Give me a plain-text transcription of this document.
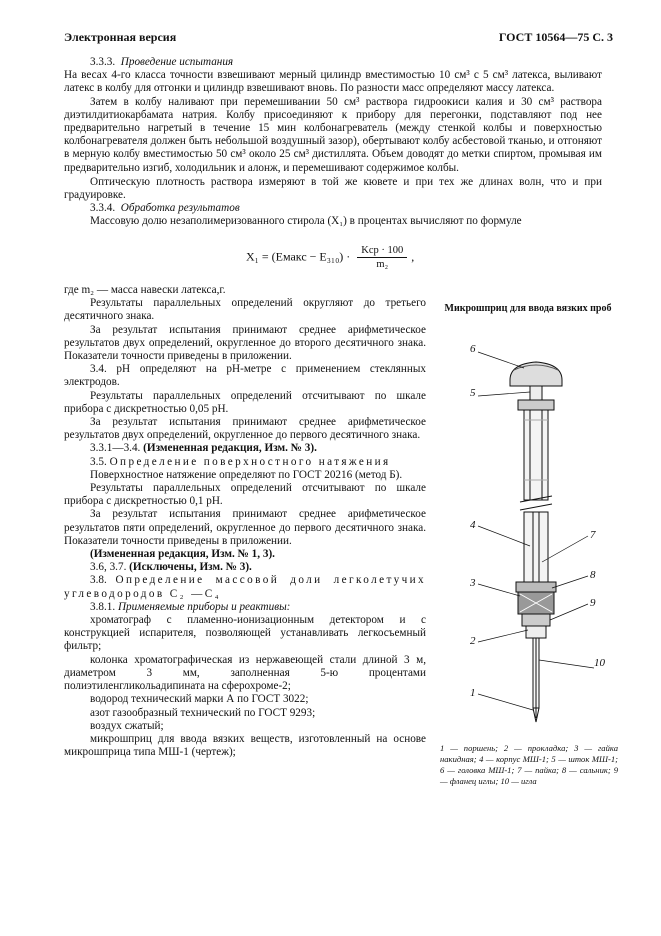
Электронная версия	ГОСТ 10564—75 С. 3

3.3.3. Проведение испытания

На весах 4-го класса точности взвешивают мерный цилиндр вместимостью 10 см³ с 5 см³ латекса, выливают латекс в колбу для отгонки и цилиндр взвешивают вновь. По разности масс определяют массу латекса.

Затем в колбу наливают при перемешивании 50 см³ раствора гидроокиси калия и 30 см³ раствора диэтилдитиокарбамата натрия. Колбу присоединяют к прибору для перегонки, подставляют под нее предварительно нагретый в течение 15 мин колбонагреватель (между стенкой колбы и поверхностью колбонагревателя должен быть небольшой воздушный зазор), обертывают колбу асбестовой тканью, и отгоняют в мерную колбу вместимостью 50 см³ около 25 см³ дистиллята. Объем доводят до метки спиртом, промывая им предварительно изгиб, холодильник и алонж, и перемешивают содержимое колбы.

Оптическую плотность раствора измеряют в той же кювете и при тех же длинах волн, что и при градуировке.

3.3.4. Обработка результатов

Массовую долю незаполимеризованного стирола (X₁) в процентах вычисляют по формуле

X₁ = (Eмакс − $E_{310}) \cdot \frac{\text{Kср · 100}}{\text{m₂}}$ ,

где m₂ — масса навески латекса,г.

Результаты параллельных определений округляют до третьего десятичного знака.

За результат испытания принимают среднее арифметическое результатов двух определений, округленное до второго десятичного знака. Показатели точности приведены в приложении.

3.4. pH определяют на pH-метре с применением стеклянных электродов.

Результаты параллельных определений отсчитывают по шкале прибора с дискретностью 0,05 pH.

За результат испытания принимают среднее арифметическое результатов двух определений, округленное до первого десятичного знака.

3.3.1—3.4. (Измененная редакция, Изм. № 3).

3.5. Определение поверхностного натяжения

Поверхностное натяжение определяют по ГОСТ 20216 (метод Б).

Результаты параллельных определений отсчитывают по шкале прибора с дискретностью 0,1 pH.

За результат испытания принимают среднее арифметическое результатов пяти определений, округленное до первого десятичного знака. Показатели точности приведены в приложении.

(Измененная редакция, Изм. № 1, 3).

3.6, 3.7. (Исключены, Изм. № 3).

3.8. Определение массовой доли легколетучих углеводородов С₂ —С₄

3.8.1. Применяемые приборы и реактивы:

хроматограф с пламенно-ионизационным детектором и с конструкцией испарителя, позволяющей устанавливать легкосъемный фильтр;

колонка хроматографическая из нержавеющей стали длиной 3 м, диаметром 3 мм, заполненная 5-ю процентами полиэтиленгликольадипината на сферохроме-2;

водород технический марки А по ГОСТ 3022;

азот газообразный технический по ГОСТ 9293;

воздух сжатый;

микрошприц для ввода вязких веществ, изготовленный на основе микрошприца типа МШ-1 (чертеж);

Микрошприц для ввода вязких проб
6
5
4
7
3
8
9
2
10
1
1 — поршень; 2 — прокладка; 3 — гайка накидная; 4 — корпус МШ-1; 5 — шток МШ-1; 6 — головка МШ-1; 7 — пайка; 8 — сальник; 9 — фланец иглы; 10 — игла
